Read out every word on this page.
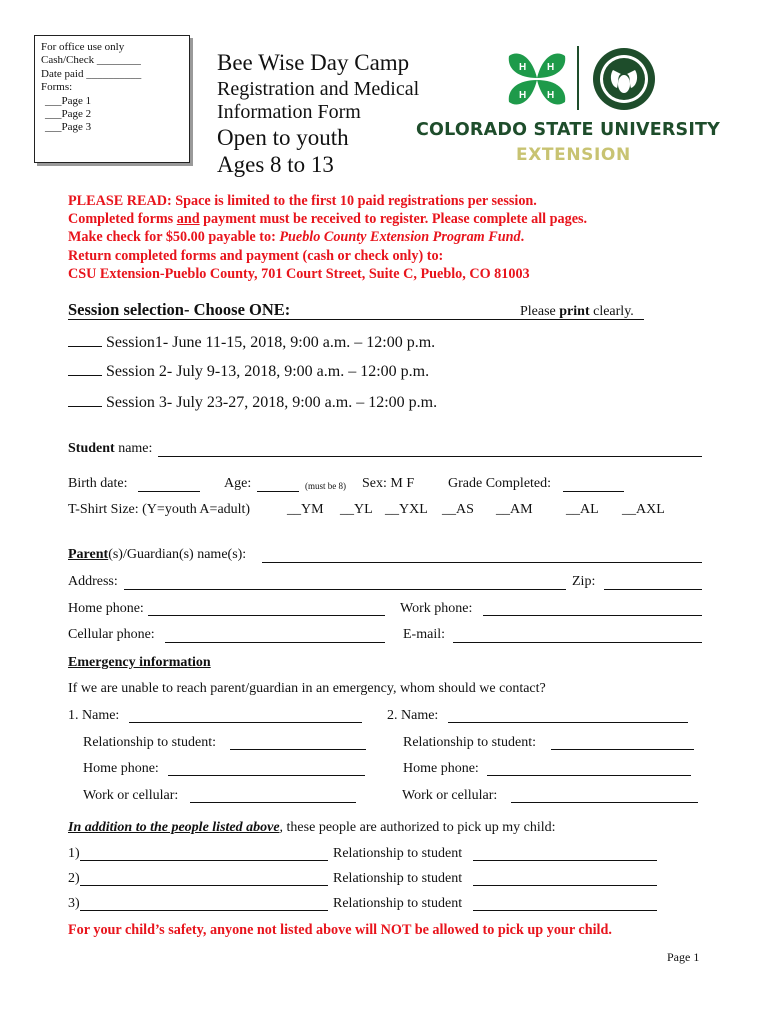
For office use only
Cash/Check ________
Date paid __________
Forms:
___Page 1
___Page 2
___Page 3
Bee Wise Day Camp
Registration and Medical
Information Form
Open to youth
Ages 8 to 13
H H
H H
COLORADO STATE UNIVERSITY
EXTENSION
PLEASE READ: Space is limited to the first 10 paid registrations per session.
Completed forms and payment must be received to register. Please complete all pages.
Make check for $50.00 payable to: Pueblo County Extension Program Fund.
Return completed forms and payment (cash or check only) to:
CSU Extension-Pueblo County, 701 Court Street, Suite C, Pueblo, CO 81003
Session selection- Choose ONE:	Please print clearly.
Session1- June 11-15, 2018, 9:00 a.m. – 12:00 p.m.
Session 2- July 9-13, 2018, 9:00 a.m. – 12:00 p.m.
Session 3- July 23-27, 2018, 9:00 a.m. – 12:00 p.m.
Student name:
Birth date:	Age:	(must be 8) Sex: M F Grade Completed:
T-Shirt Size: (Y=youth A=adult)	__YM __YL __YXL __AS __AM __AL __AXL
Parent(s)/Guardian(s) name(s):
Address:	Zip:
Home phone:	Work phone:
Cellular phone:	E-mail:
Emergency information
If we are unable to reach parent/guardian in an emergency, whom should we contact?
1. Name:	2. Name:
Relationship to student:	Relationship to student:
Home phone:	Home phone:
Work or cellular:	Work or cellular:
In addition to the people listed above, these people are authorized to pick up my child:
1)	Relationship to student
2)	Relationship to student
3)	Relationship to student
For your child’s safety, anyone not listed above will NOT be allowed to pick up your child.
Page 1
